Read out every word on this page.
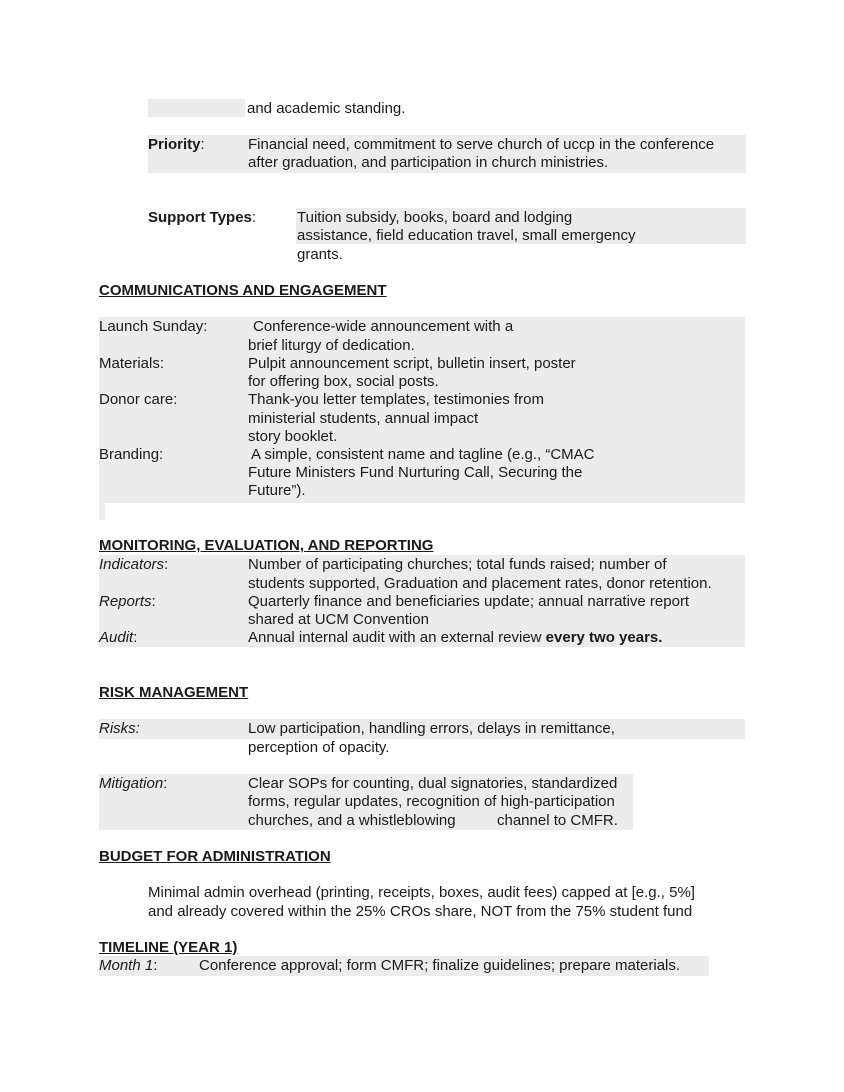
and academic standing.
Priority:	Financial need, commitment to serve church of uccp in the conference
after graduation, and participation in church ministries.
Support Types:	Tuition subsidy, books, board and lodging
assistance, field education travel, small emergency
grants.
COMMUNICATIONS AND ENGAGEMENT
Launch Sunday:	Conference-wide announcement with a
brief liturgy of dedication.
Materials:	Pulpit announcement script, bulletin insert, poster
for offering box, social posts.
Donor care:	Thank-you letter templates, testimonies from
ministerial students, annual impact
story booklet.
Branding:	A simple, consistent name and tagline (e.g., “CMAC
Future Ministers Fund Nurturing Call, Securing the
Future”).
MONITORING, EVALUATION, AND REPORTING
Indicators:	Number of participating churches; total funds raised; number of
students supported, Graduation and placement rates, donor retention.
Reports:	Quarterly finance and beneficiaries update; annual narrative report
shared at UCM Convention
Audit:	Annual internal audit with an external review every two years.
RISK MANAGEMENT
Risks:	Low participation, handling errors, delays in remittance,
perception of opacity.
Mitigation:	Clear SOPs for counting, dual signatories, standardized
forms, regular updates, recognition of high-participation
churches, and a whistleblowing	channel to CMFR.
BUDGET FOR ADMINISTRATION
Minimal admin overhead (printing, receipts, boxes, audit fees) capped at [e.g., 5%]
and already covered within the 25% CROs share, NOT from the 75% student fund
TIMELINE (YEAR 1)
Month 1:	Conference approval; form CMFR; finalize guidelines; prepare materials.
